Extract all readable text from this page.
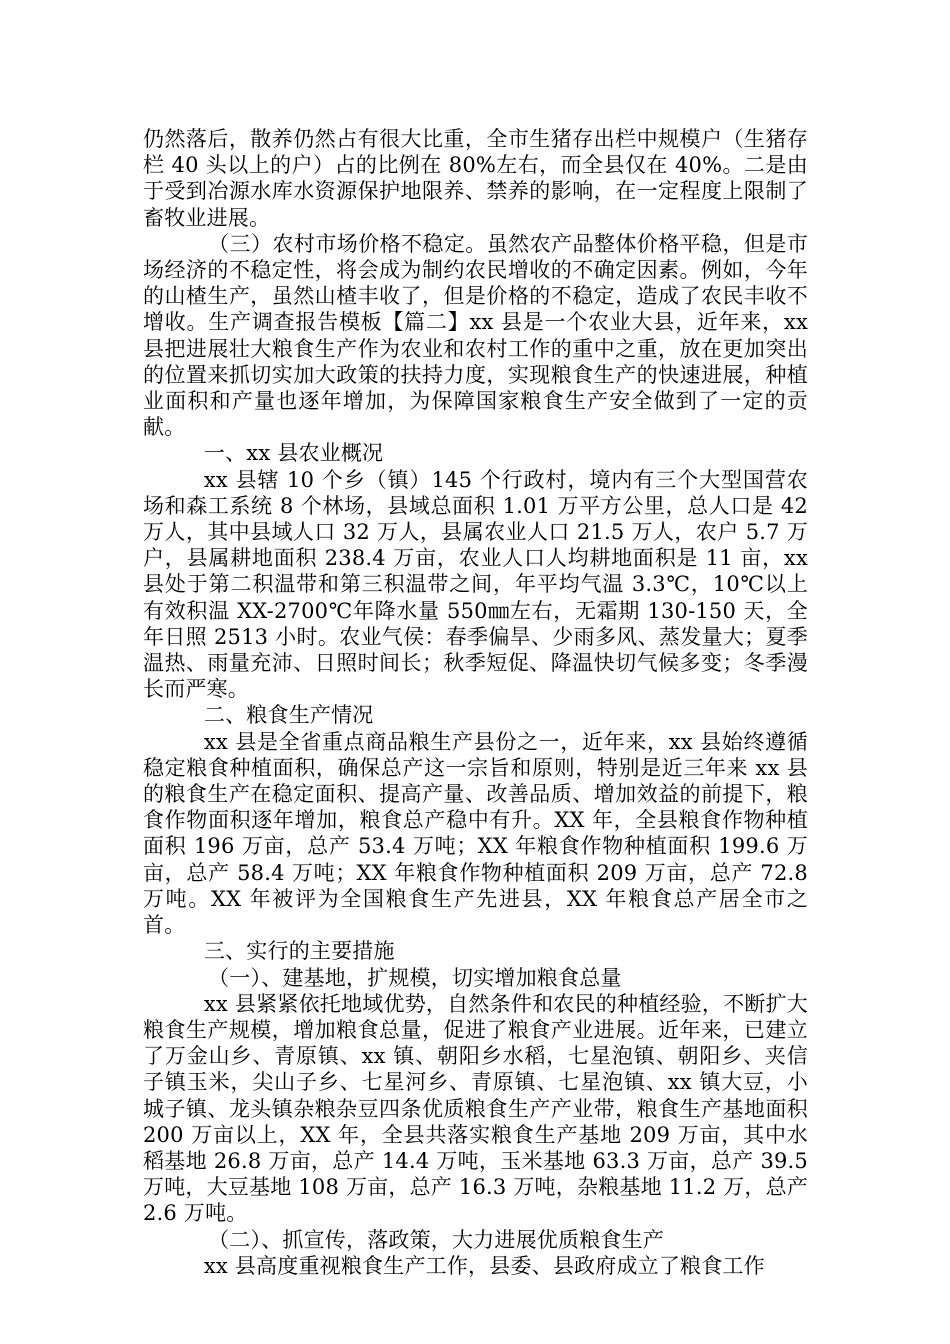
仍然落后，散养仍然占有很大比重，全市生猪存出栏中规模户（生猪存栏 40 头以上的户）占的比例在 80%左右，而全县仅在 40%。二是由于受到冶源水库水资源保护地限养、禁养的影响，在一定程度上限制了畜牧业进展。

（三）农村市场价格不稳定。虽然农产品整体价格平稳，但是市场经济的不稳定性，将会成为制约农民增收的不确定因素。例如，今年的山楂生产，虽然山楂丰收了，但是价格的不稳定，造成了农民丰收不增收。生产调查报告模板【篇二】xx 县是一个农业大县，近年来，xx 县把进展壮大粮食生产作为农业和农村工作的重中之重，放在更加突出的位置来抓切实加大政策的扶持力度，实现粮食生产的快速进展，种植业面积和产量也逐年增加，为保障国家粮食生产安全做到了一定的贡献。

一、xx 县农业概况

xx 县辖 10 个乡（镇）145 个行政村，境内有三个大型国营农场和森工系统 8 个林场，县域总面积 1.01 万平方公里，总人口是 42 万人，其中县域人口 32 万人，县属农业人口 21.5 万人，农户 5.7 万户，县属耕地面积 238.4 万亩，农业人口人均耕地面积是 11 亩，xx 县处于第二积温带和第三积温带之间，年平均气温 3.3℃，10℃以上有效积温 XX-2700℃年降水量 550㎜左右，无霜期 130-150 天，全年日照 2513 小时。农业气侯：春季偏旱、少雨多风、蒸发量大；夏季温热、雨量充沛、日照时间长；秋季短促、降温快切气候多变；冬季漫长而严寒。

二、粮食生产情况

xx 县是全省重点商品粮生产县份之一，近年来，xx 县始终遵循稳定粮食种植面积，确保总产这一宗旨和原则，特别是近三年来 xx 县的粮食生产在稳定面积、提高产量、改善品质、增加效益的前提下，粮食作物面积逐年增加，粮食总产稳中有升。XX 年，全县粮食作物种植面积 196 万亩，总产 53.4 万吨；XX 年粮食作物种植面积 199.6 万亩，总产 58.4 万吨；XX 年粮食作物种植面积 209 万亩，总产 72.8 万吨。XX 年被评为全国粮食生产先进县，XX 年粮食总产居全市之首。

三、实行的主要措施

（一）、建基地，扩规模，切实增加粮食总量

xx 县紧紧依托地域优势，自然条件和农民的种植经验，不断扩大粮食生产规模，增加粮食总量，促进了粮食产业进展。近年来，已建立了万金山乡、青原镇、xx 镇、朝阳乡水稻，七星泡镇、朝阳乡、夹信子镇玉米，尖山子乡、七星河乡、青原镇、七星泡镇、xx 镇大豆，小城子镇、龙头镇杂粮杂豆四条优质粮食生产产业带，粮食生产基地面积 200 万亩以上，XX 年，全县共落实粮食生产基地 209 万亩，其中水稻基地 26.8 万亩，总产 14.4 万吨，玉米基地 63.3 万亩，总产 39.5 万吨，大豆基地 108 万亩，总产 16.3 万吨，杂粮基地 11.2 万，总产 2.6 万吨。

（二）、抓宣传，落政策，大力进展优质粮食生产

xx 县高度重视粮食生产工作，县委、县政府成立了粮食工作
